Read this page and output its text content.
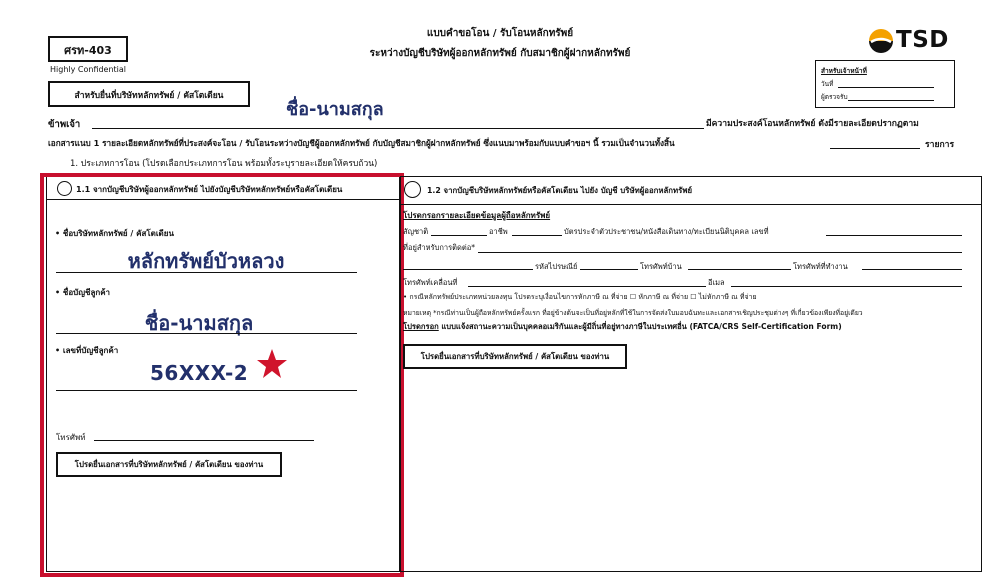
ศรท-403
Highly Confidential
สำหรับยื่นที่บริษัทหลักทรัพย์ / คัสโตเดียน
แบบคำขอโอน / รับโอนหลักทรัพย์
ระหว่างบัญชีบริษัทผู้ออกหลักทรัพย์ กับสมาชิกผู้ฝากหลักทรัพย์
TSD
สำหรับเจ้าหน้าที่
วันที่
ผู้ตรวจรับ
ชื่อ-นามสกุล
ข้าพเจ้า	มีความประสงค์โอนหลักทรัพย์ ดังมีรายละเอียดปรากฏตาม
เอกสารแนบ 1 รายละเอียดหลักทรัพย์ที่ประสงค์จะโอน / รับโอนระหว่างบัญชีผู้ออกหลักทรัพย์ กับบัญชีสมาชิกผู้ฝากหลักทรัพย์ ซึ่งแนบมาพร้อมกับแบบคำขอฯ นี้ รวมเป็นจำนวนทั้งสิ้น	รายการ
1. ประเภทการโอน (โปรดเลือกประเภทการโอน พร้อมทั้งระบุรายละเอียดให้ครบถ้วน)
1.1 จากบัญชีบริษัทผู้ออกหลักทรัพย์ ไปยังบัญชีบริษัทหลักทรัพย์หรือคัสโตเดียน
• ชื่อบริษัทหลักทรัพย์ / คัสโตเดียน
หลักทรัพย์บัวหลวง
• ชื่อบัญชีลูกค้า
ชื่อ-นามสกุล
• เลขที่บัญชีลูกค้า
56XXX-2
โทรศัพท์
โปรดยื่นเอกสารที่บริษัทหลักทรัพย์ / คัสโตเดียน ของท่าน
1.2 จากบัญชีบริษัทหลักทรัพย์หรือคัสโตเดียน ไปยัง บัญชี บริษัทผู้ออกหลักทรัพย์
โปรดกรอกรายละเอียดข้อมูลผู้ถือหลักทรัพย์
สัญชาติ	อาชีพ	บัตรประจำตัวประชาชน/หนังสือเดินทาง/ทะเบียนนิติบุคคล เลขที่
ที่อยู่สำหรับการติดต่อ*
รหัสไปรษณีย์	โทรศัพท์บ้าน	โทรศัพท์ที่ทำงาน
โทรศัพท์เคลื่อนที่	อีเมล
• กรณีหลักทรัพย์ประเภทหน่วยลงทุน โปรดระบุเงื่อนไขการหักภาษี ณ ที่จ่าย ☐ หักภาษี ณ ที่จ่าย ☐ ไม่หักภาษี ณ ที่จ่าย
หมายเหตุ *กรณีท่านเป็นผู้ถือหลักทรัพย์ครั้งแรก ที่อยู่ข้างต้นจะเป็นที่อยู่หลักที่ใช้ในการจัดส่งใบมอบฉันทะและเอกสารเชิญประชุมต่างๆ ที่เกี่ยวข้องเพียงที่อยู่เดียว
โปรดกรอก แบบแจ้งสถานะความเป็นบุคคลอเมริกันและผู้มีถิ่นที่อยู่ทางภาษีในประเทศอื่น (FATCA/CRS Self-Certification Form)
โปรดยื่นเอกสารที่บริษัทหลักทรัพย์ / คัสโตเดียน ของท่าน
